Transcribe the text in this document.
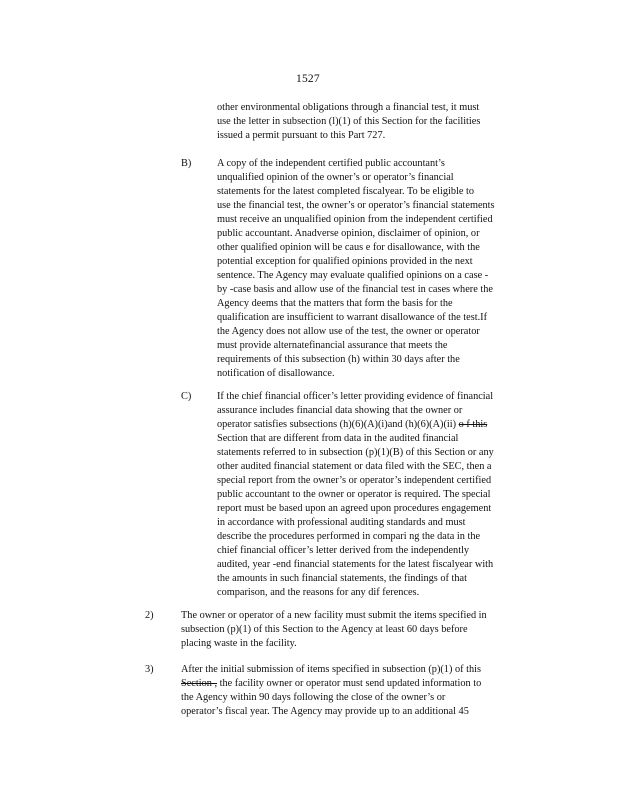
1527
other environmental obligations through a financial test, it must
use the letter in subsection (l)(1) of this Section for the facilities
issued a permit pursuant to this Part 727.
B) A copy of the independent certified public accountant’s
unqualified opinion of the owner’s or operator’s financial
statements for the latest completed fiscalyear. To be eligible to
use the financial test, the owner’s or operator’s financial statements
must receive an unqualified opinion from the independent certified
public accountant. Anadverse opinion, disclaimer of opinion, or
other qualified opinion will be caus e for disallowance, with the
potential exception for qualified opinions provided in the next
sentence. The Agency may evaluate qualified opinions on a case -
by -case basis and allow use of the financial test in cases where the
Agency deems that the matters that form the basis for the
qualification are insufficient to warrant disallowance of the test.If
the Agency does not allow use of the test, the owner or operator
must provide alternatefinancial assurance that meets the
requirements of this subsection (h) within 30 days after the
notification of disallowance.
C) If the chief financial officer’s letter providing evidence of financial
assurance includes financial data showing that the owner or
operator satisfies subsections (h)(6)(A)(i)and (h)(6)(A)(ii) o f this
Section that are different from data in the audited financial
statements referred to in subsection (p)(1)(B) of this Section or any
other audited financial statement or data filed with the SEC, then a
special report from the owner’s or operator’s independent certified
public accountant to the owner or operator is required. The special
report must be based upon an agreed upon procedures engagement
in accordance with professional auditing standards and must
describe the procedures performed in compari ng the data in the
chief financial officer’s letter derived from the independently
audited, year -end financial statements for the latest fiscalyear with
the amounts in such financial statements, the findings of that
comparison, and the reasons for any dif ferences.
2)	The owner or operator of a new facility must submit the items specified in
subsection (p)(1) of this Section to the Agency at least 60 days before
placing waste in the facility.
3)	After the initial submission of items specified in subsection (p)(1) of this
Section , the facility owner or operator must send updated information to
the Agency within 90 days following the close of the owner’s or
operator’s fiscal year. The Agency may provide up to an additional 45
